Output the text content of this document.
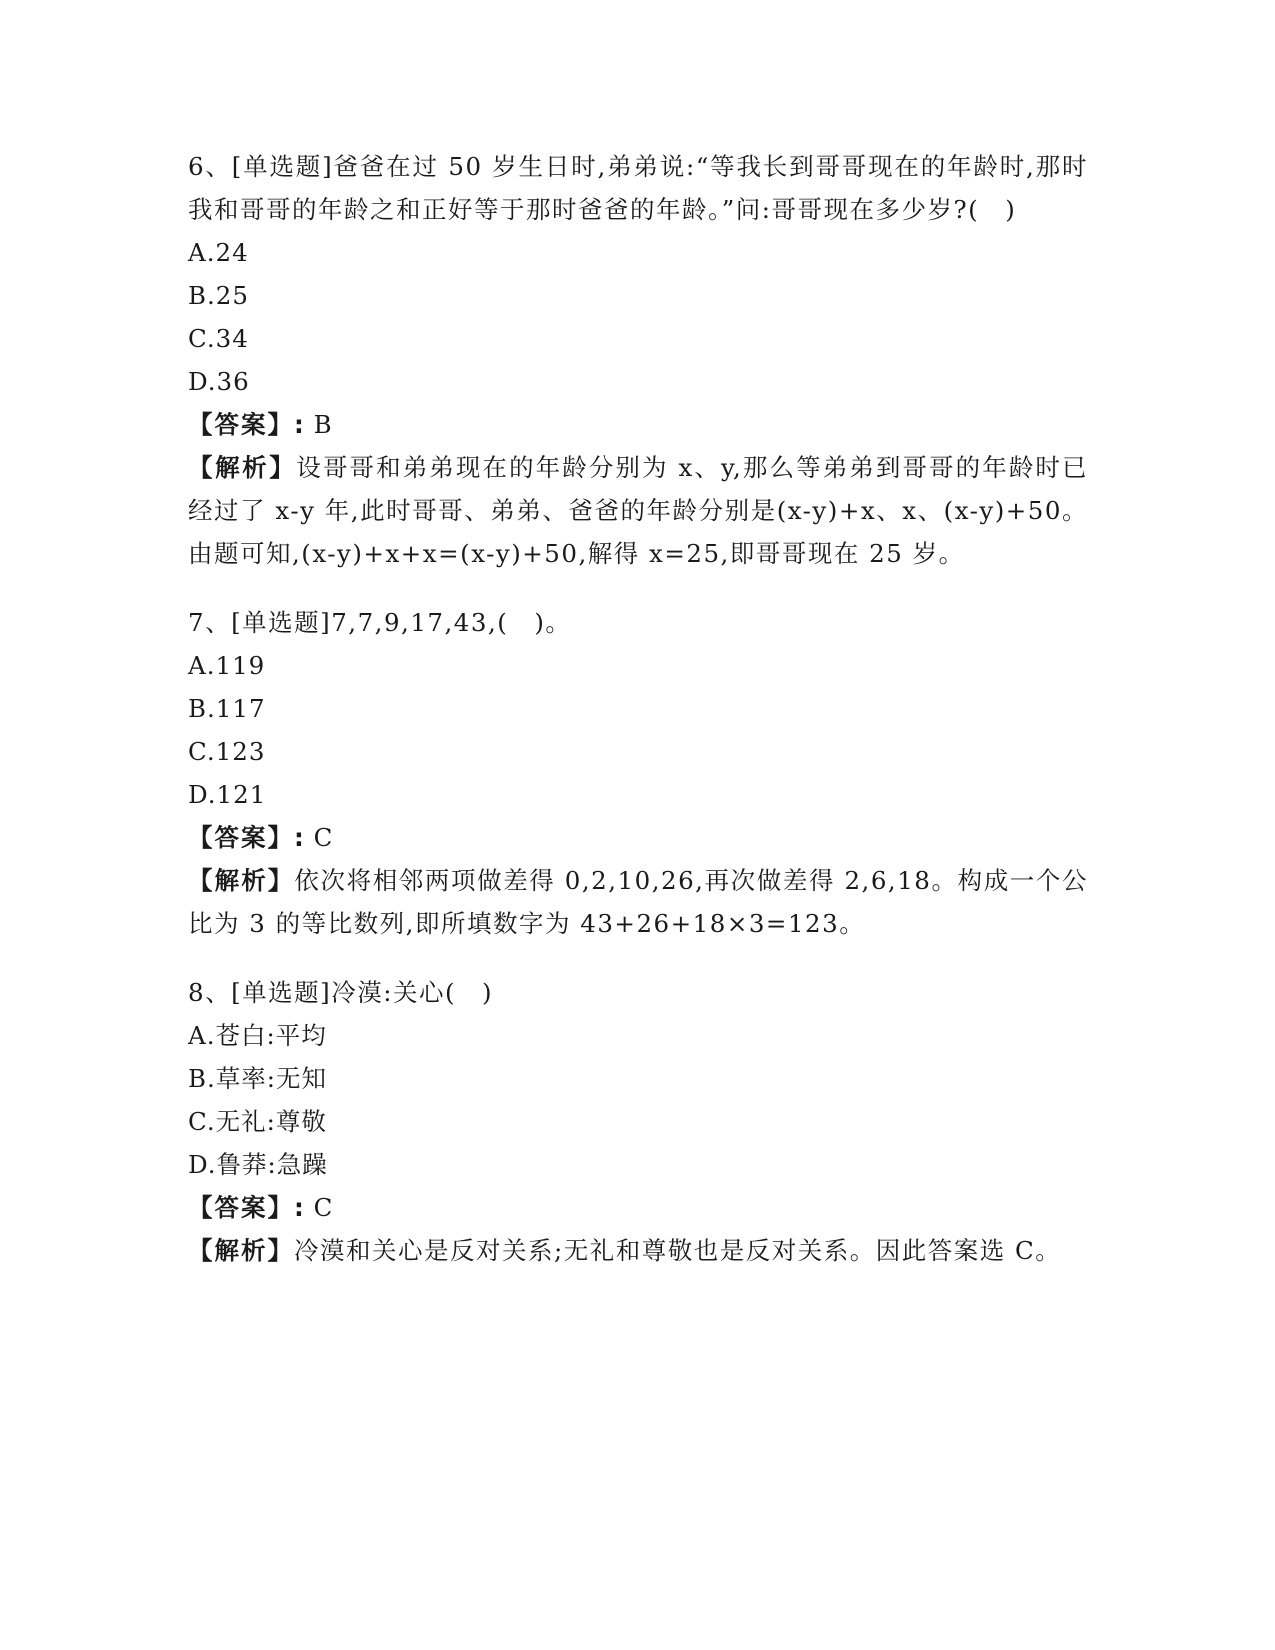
6、[单选题]爸爸在过 50 岁生日时,弟弟说:“等我长到哥哥现在的年龄时,那时我和哥哥的年龄之和正好等于那时爸爸的年龄。”问:哥哥现在多少岁?(　)

A.24

B.25

C.34

D.36

【答案】: B

【解析】设哥哥和弟弟现在的年龄分别为 x、y,那么等弟弟到哥哥的年龄时已经过了 x-y 年,此时哥哥、弟弟、爸爸的年龄分别是(x-y)+x、x、(x-y)+50。由题可知,(x-y)+x+x=(x-y)+50,解得 x=25,即哥哥现在 25 岁。

7、[单选题]7,7,9,17,43,(　)。

A.119

B.117

C.123

D.121

【答案】: C

【解析】依次将相邻两项做差得 0,2,10,26,再次做差得 2,6,18。构成一个公比为 3 的等比数列,即所填数字为 43+26+18×3=123。

8、[单选题]冷漠:关心(　)

A.苍白:平均

B.草率:无知

C.无礼:尊敬

D.鲁莽:急躁

【答案】: C

【解析】冷漠和关心是反对关系;无礼和尊敬也是反对关系。因此答案选 C。
